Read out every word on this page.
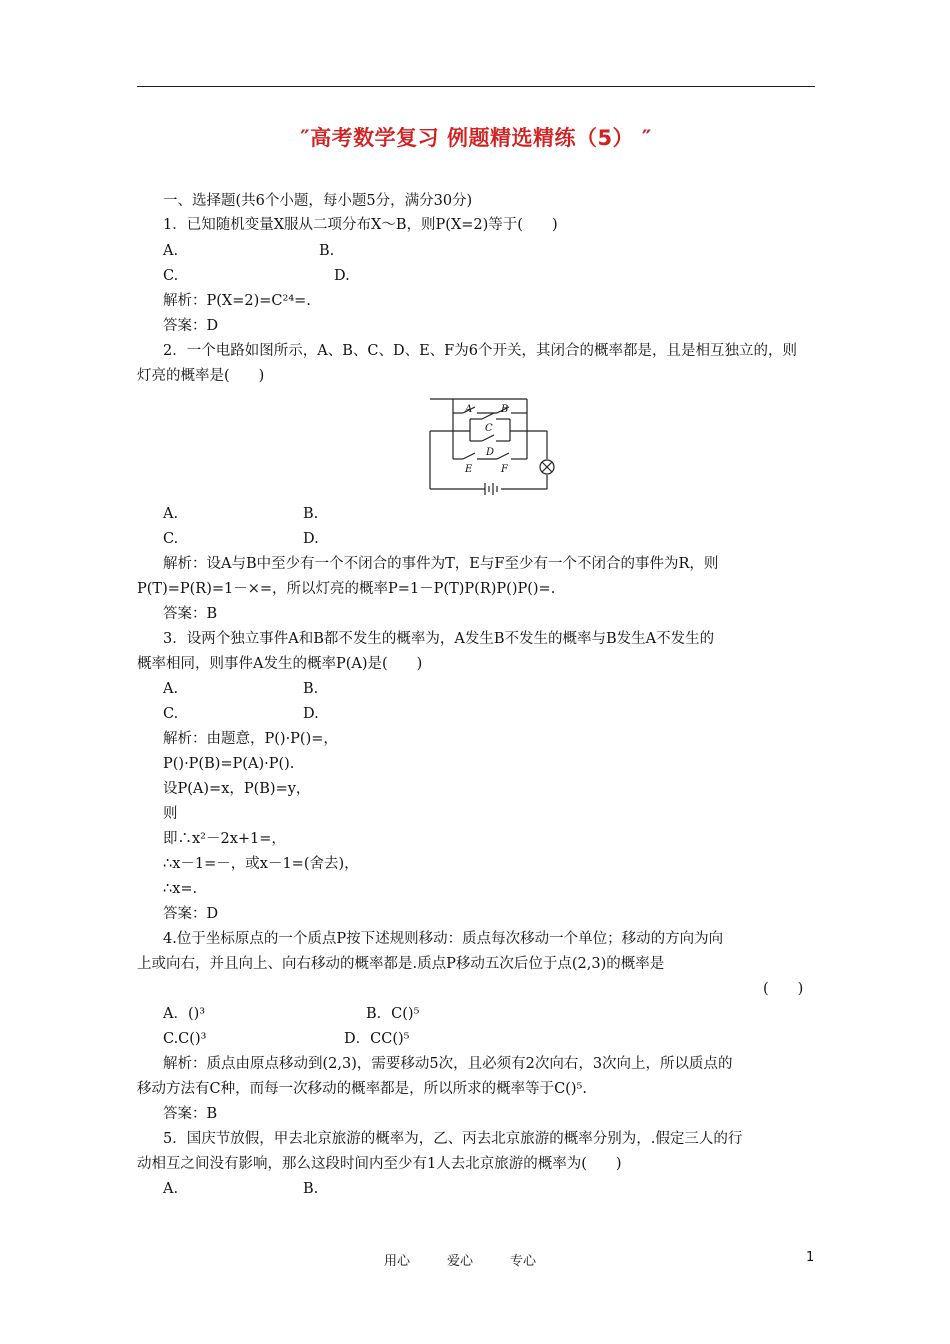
″高考数学复习 例题精选精练（5） ″
一、选择题(共6个小题，每小题5分，满分30分)
1．已知随机变量X服从二项分布X～B，则P(X=2)等于(　　)
A.	B.
C.	D.
解析：P(X=2)=C²⁴=.
答案：D
2．一个电路如图所示，A、B、C、D、E、F为6个开关，其闭合的概率都是，且是相互独立的，则
灯亮的概率是(　　)
A	B
C
D
E	F
A.	B.
C.	D.
解析：设A与B中至少有一个不闭合的事件为T，E与F至少有一个不闭合的事件为R，则
P(T)=P(R)=1－×=，所以灯亮的概率P=1－P(T)P(R)P()P()=.
答案：B
3．设两个独立事件A和B都不发生的概率为，A发生B不发生的概率与B发生A不发生的
概率相同，则事件A发生的概率P(A)是(　　)
A.	B.
C.	D.
解析：由题意，P()·P()=，
P()·P(B)=P(A)·P().
设P(A)=x，P(B)=y，
则
即∴x²－2x+1=，
∴x－1=－，或x－1=(舍去)，
∴x=.
答案：D
4.位于坐标原点的一个质点P按下述规则移动：质点每次移动一个单位；移动的方向为向
上或向右，并且向上、向右移动的概率都是.质点P移动五次后位于点(2,3)的概率是
(　　)
A．()³	B．C()⁵
C.C()³	D．CC()⁵
解析：质点由原点移动到(2,3)，需要移动5次，且必须有2次向右，3次向上，所以质点的
移动方法有C种，而每一次移动的概率都是，所以所求的概率等于C()⁵.
答案：B
5．国庆节放假，甲去北京旅游的概率为，乙、丙去北京旅游的概率分别为，.假定三人的行
动相互之间没有影响，那么这段时间内至少有1人去北京旅游的概率为(　　)
A.	B.
用心	爱心	专心	1
